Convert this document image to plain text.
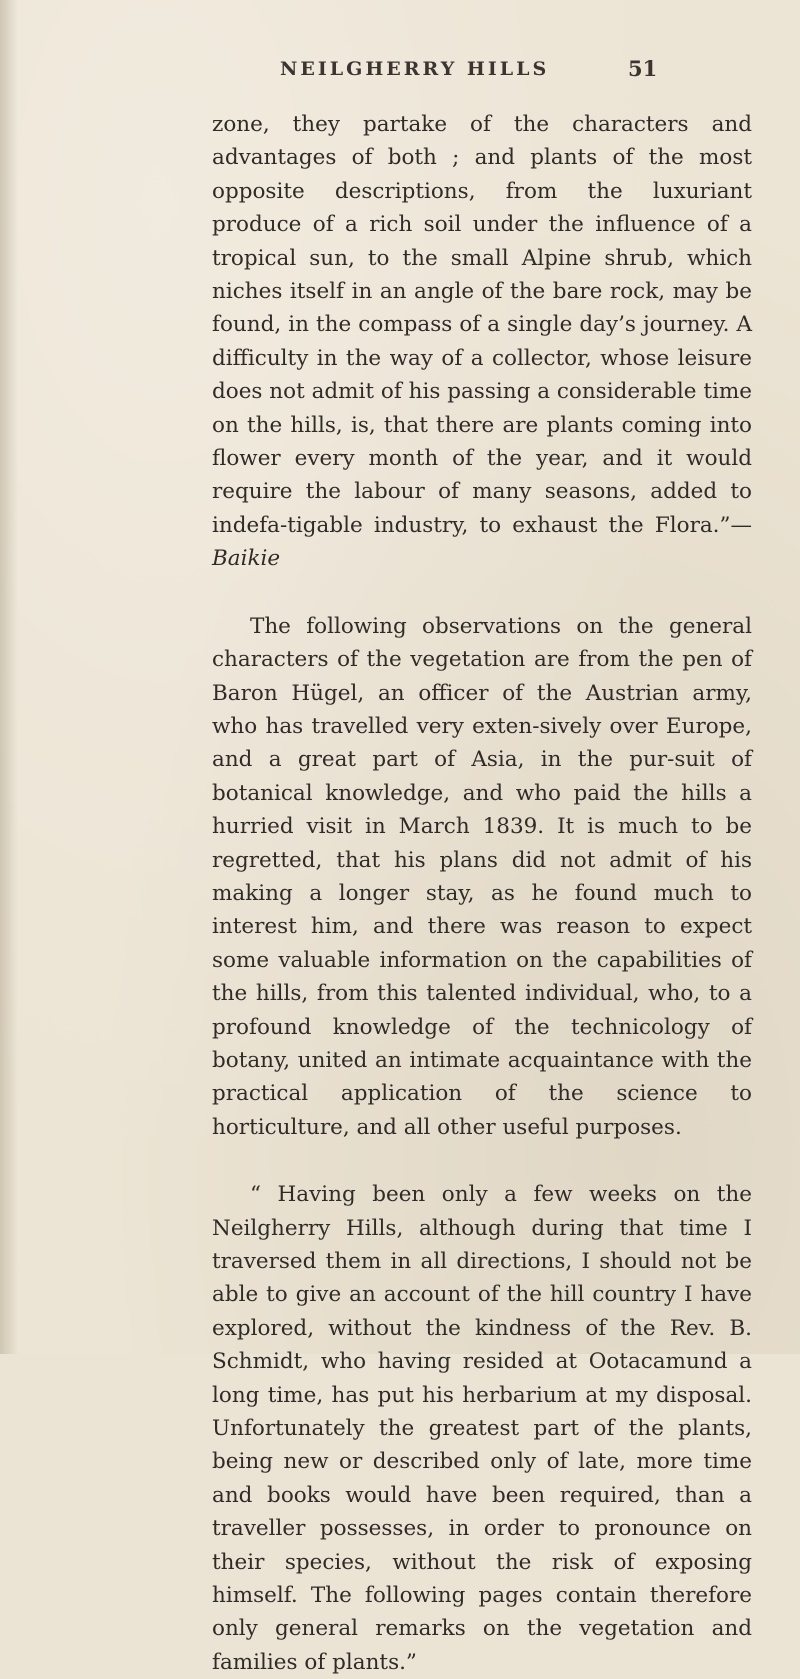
NEILGHERRY HILLS	51

zone, they partake of the characters and advantages of both ; and plants of the most opposite descriptions, from the luxuriant produce of a rich soil under the influence of a tropical sun, to the small Alpine shrub, which niches itself in an angle of the bare rock, may be found, in the compass of a single day’s journey. A difficulty in the way of a collector, whose leisure does not admit of his passing a considerable time on the hills, is, that there are plants coming into flower every month of the year, and it would require the labour of many seasons, added to indefa-tigable industry, to exhaust the Flora.”—Baikie

The following observations on the general characters of the vegetation are from the pen of Baron Hügel, an officer of the Austrian army, who has travelled very exten-sively over Europe, and a great part of Asia, in the pur-suit of botanical knowledge, and who paid the hills a hurried visit in March 1839. It is much to be regretted, that his plans did not admit of his making a longer stay, as he found much to interest him, and there was reason to expect some valuable information on the capabilities of the hills, from this talented individual, who, to a profound knowledge of the technicology of botany, united an intimate acquaintance with the practical application of the science to horticulture, and all other useful purposes.

“ Having been only a few weeks on the Neilgherry Hills, although during that time I traversed them in all directions, I should not be able to give an account of the hill country I have explored, without the kindness of the Rev. B. Schmidt, who having resided at Ootacamund a long time, has put his herbarium at my disposal. Unfortunately the greatest part of the plants, being new or described only of late, more time and books would have been required, than a traveller possesses, in order to pronounce on their species, without the risk of exposing himself. The following pages contain therefore only general remarks on the vegetation and families of plants.”
